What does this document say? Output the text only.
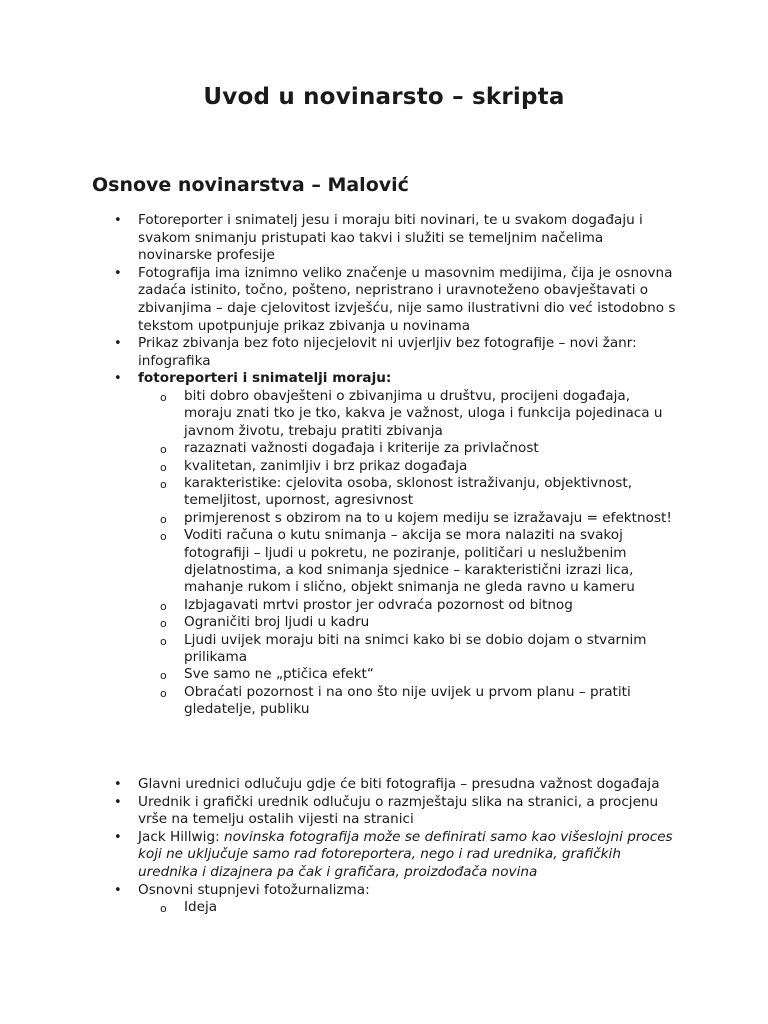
Uvod u novinarsto – skripta
Osnove novinarstva – Malović
• Fotoreporter i snimatelj jesu i moraju biti novinari, te u svakom događaju i svakom snimanju pristupati kao takvi i služiti se temeljnim načelima novinarske profesije
• Fotografija ima iznimno veliko značenje u masovnim medijima, čija je osnovna zadaća istinito, točno, pošteno, nepristrano i uravnoteženo obavještavati o zbivanjima – daje cjelovitost izvješću, nije samo ilustrativni dio već istodobno s tekstom upotpunjuje prikaz zbivanja u novinama
• Prikaz zbivanja bez foto nijecjelovit ni uvjerljiv bez fotografije – novi žanr: infografika
• fotoreporteri i snimatelji moraju:
o biti dobro obavješteni o zbivanjima u društvu, procijeni događaja, moraju znati tko je tko, kakva je važnost, uloga i funkcija pojedinaca u javnom životu, trebaju pratiti zbivanja
o razaznati važnosti događaja i kriterije za privlačnost
o kvalitetan, zanimljiv i brz prikaz događaja
o karakteristike: cjelovita osoba, sklonost istraživanju, objektivnost, temeljitost, upornost, agresivnost
o primjerenost s obzirom na to u kojem mediju se izražavaju = efektnost!
o Voditi računa o kutu snimanja – akcija se mora nalaziti na svakoj fotografiji – ljudi u pokretu, ne poziranje, političari u neslužbenim djelatnostima, a kod snimanja sjednice – karakteristični izrazi lica, mahanje rukom i slično, objekt snimanja ne gleda ravno u kameru
o Izbjagavati mrtvi prostor jer odvraća pozornost od bitnog
o Ograničiti broj ljudi u kadru
o Ljudi uvijek moraju biti na snimci kako bi se dobio dojam o stvarnim prilikama
o Sve samo ne „ptičica efekt“
o Obraćati pozornost i na ono što nije uvijek u prvom planu – pratiti gledatelje, publiku
• Glavni urednici odlučuju gdje će biti fotografija – presudna važnost događaja
• Urednik i grafički urednik odlučuju o razmještaju slika na stranici, a procjenu vrše na temelju ostalih vijesti na stranici
• Jack Hillwig: novinska fotografija može se definirati samo kao višeslojni proces koji ne uključuje samo rad fotoreportera, nego i rad urednika, grafičkih urednika i dizajnera pa čak i grafičara, proizdođača novina
• Osnovni stupnjevi fotožurnalizma:
o Ideja
